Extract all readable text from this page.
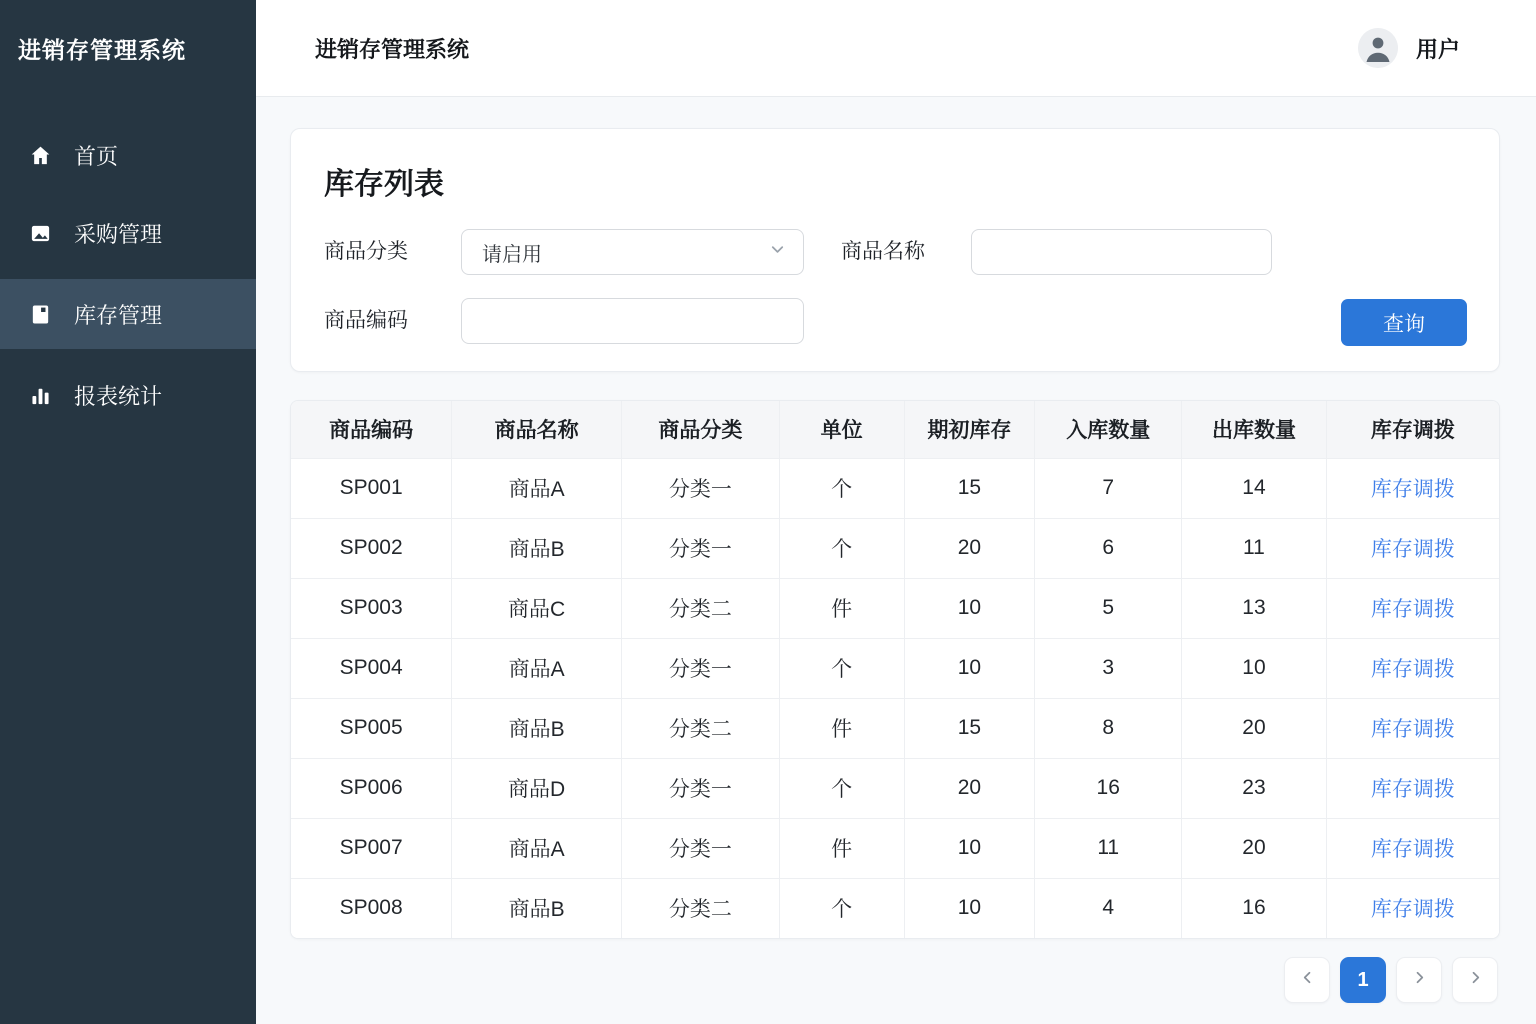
进销存管理系统
首页
采购管理
库存管理
报表统计
进销存管理系统	用户
库存列表
商品分类	请启用	商品名称
商品编码	查询
商品编码	商品名称	商品分类	单位	期初库存	入库数量	出库数量	库存调拨
SP001	商品A	分类一	个	15	7	14	库存调拨
SP002	商品B	分类一	个	20	6	11	库存调拨
SP003	商品C	分类二	件	10	5	13	库存调拨
SP004	商品A	分类一	个	10	3	10	库存调拨
SP005	商品B	分类二	件	15	8	20	库存调拨
SP006	商品D	分类一	个	20	16	23	库存调拨
SP007	商品A	分类一	件	10	11	20	库存调拨
SP008	商品B	分类二	个	10	4	16	库存调拨
1
